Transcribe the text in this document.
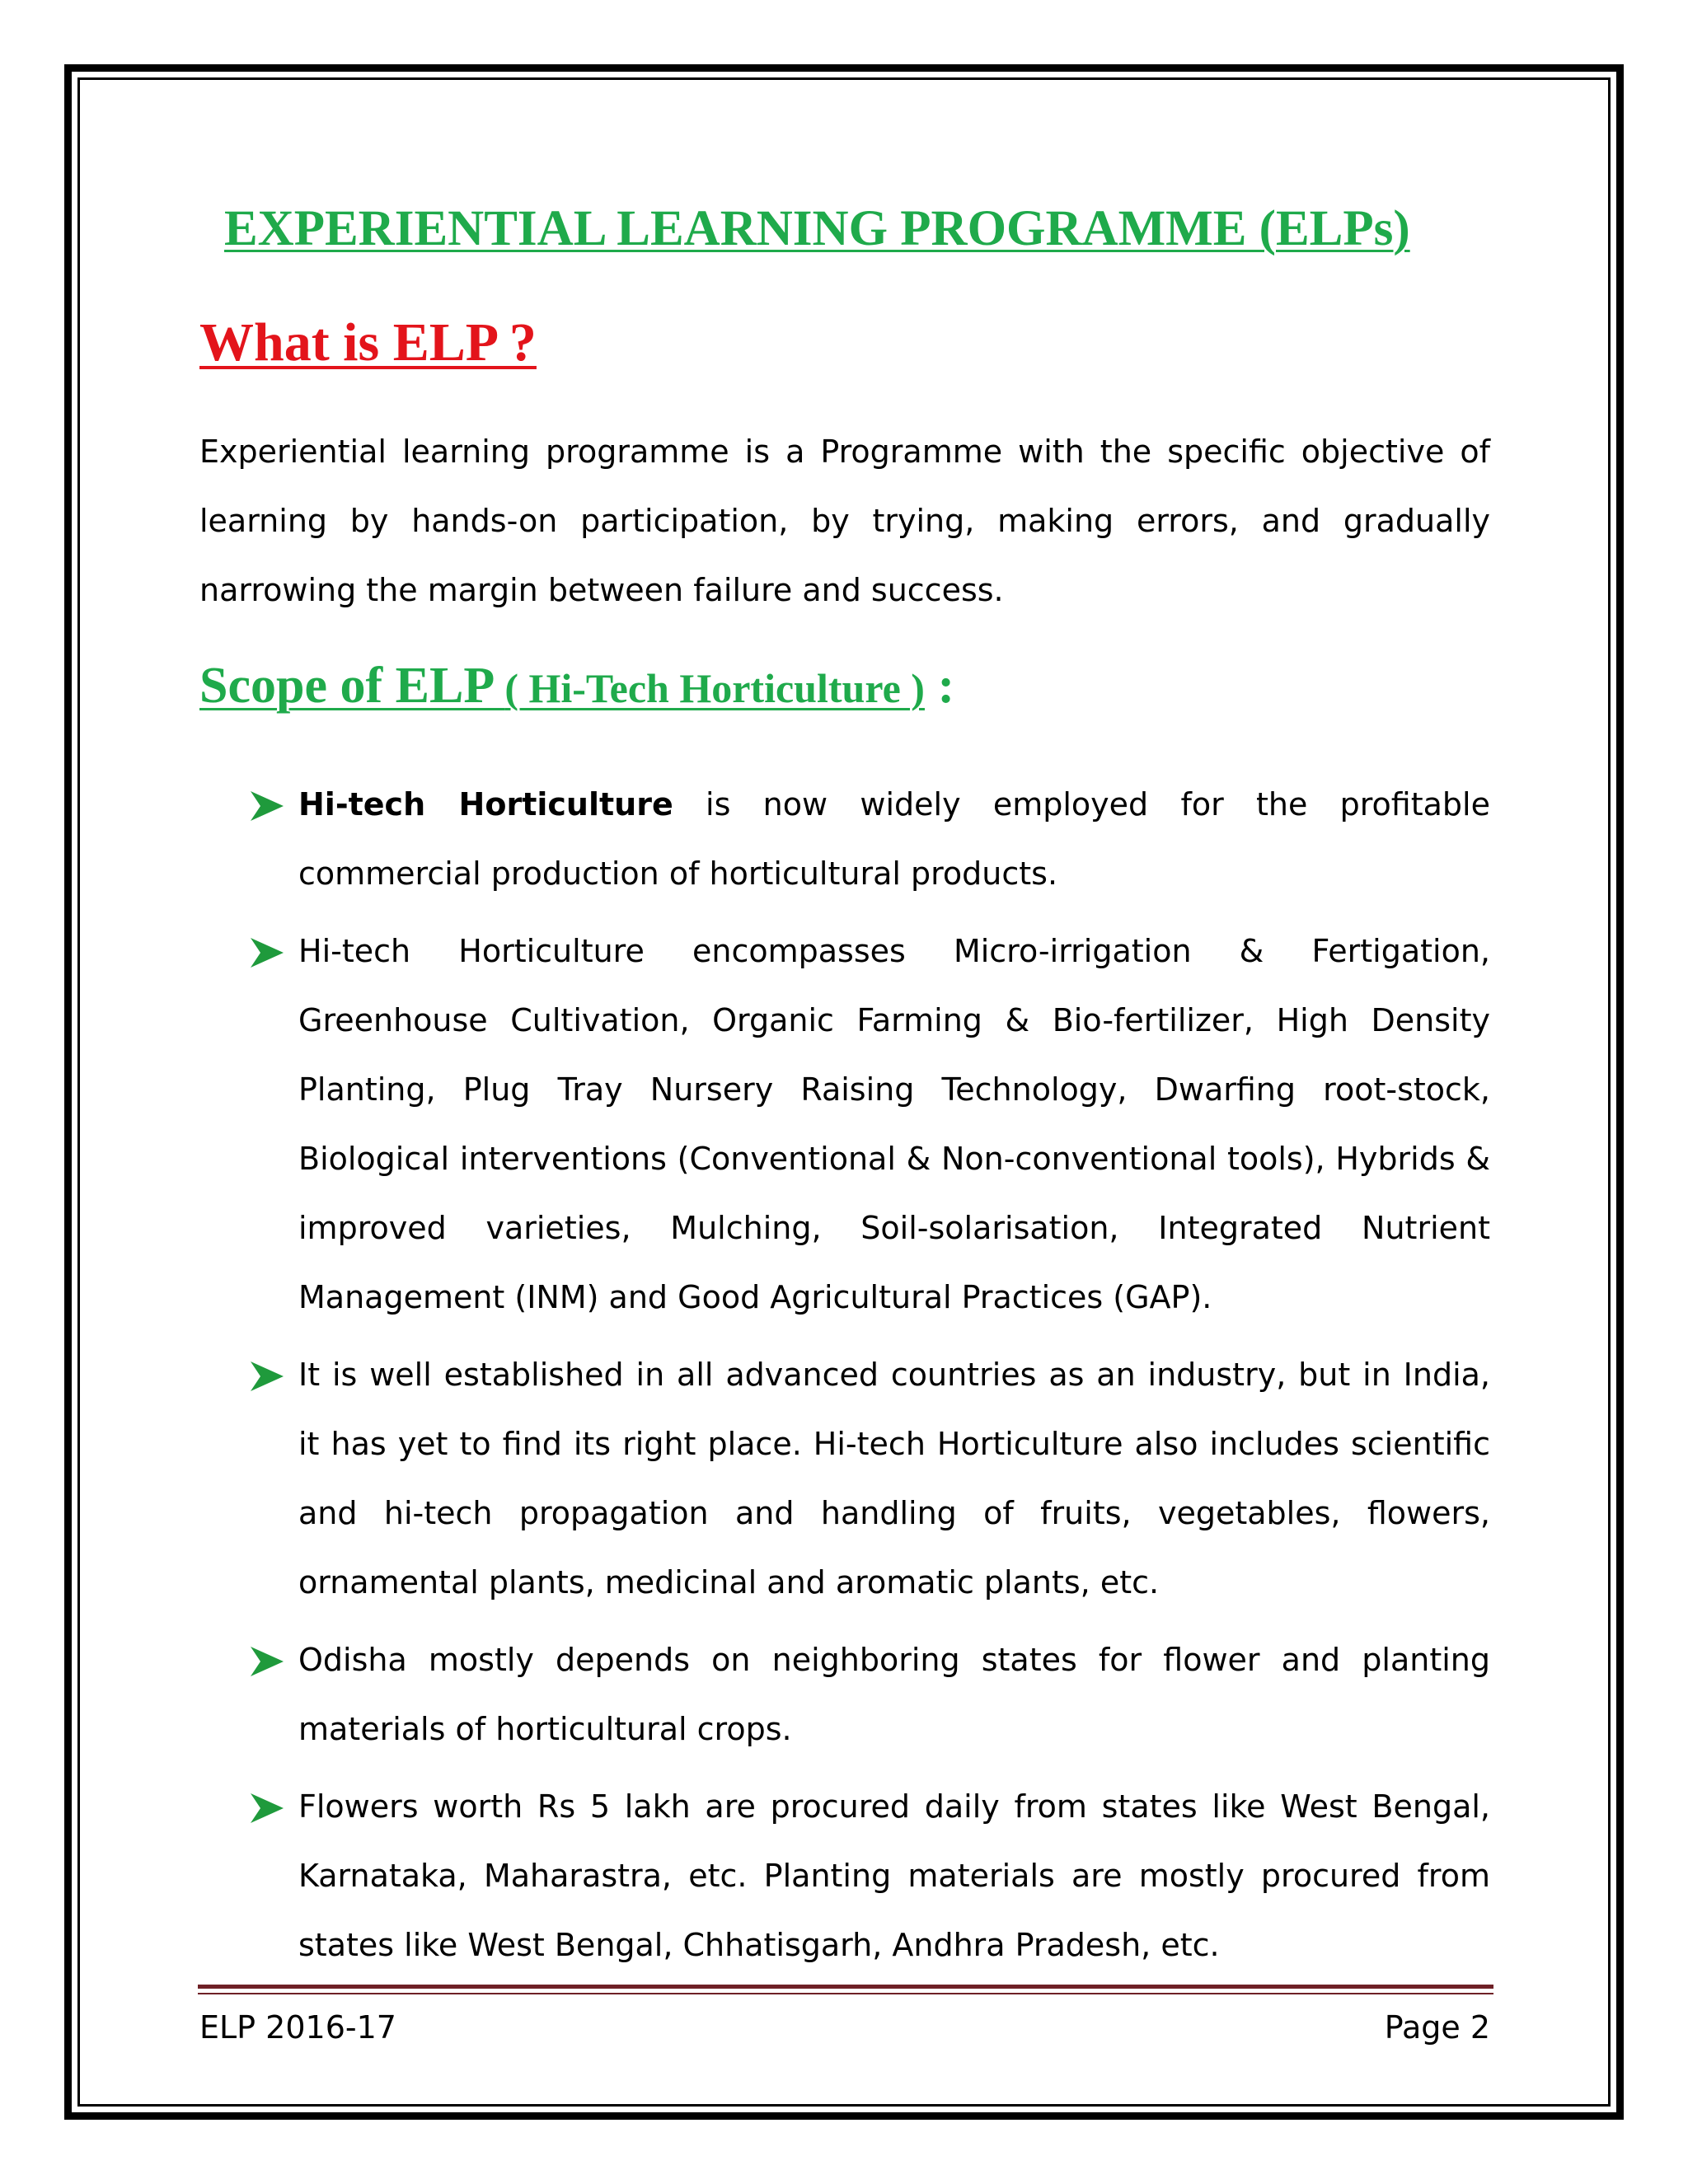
EXPERIENTIAL LEARNING PROGRAMME (ELPs)
What is ELP ?

Experiential learning programme is a Programme with the specific objective of learning by hands-on participation, by trying, making errors, and gradually narrowing the margin between failure and success.

Scope of ELP ( Hi-Tech Horticulture ) :
Hi-tech Horticulture is now widely employed for the profitable commercial production of horticultural products.
Hi-tech Horticulture encompasses Micro-irrigation & Fertigation, Greenhouse Cultivation, Organic Farming & Bio-fertilizer, High Density Planting, Plug Tray Nursery Raising Technology, Dwarfing root-stock, Biological interventions (Conventional & Non-conventional tools), Hybrids & improved varieties, Mulching, Soil-solarisation, Integrated Nutrient Management (INM) and Good Agricultural Practices (GAP).
It is well established in all advanced countries as an industry, but in India, it has yet to find its right place. Hi-tech Horticulture also includes scientific and hi-tech propagation and handling of fruits, vegetables, flowers, ornamental plants, medicinal and aromatic plants, etc.
Odisha mostly depends on neighboring states for flower and planting materials of horticultural crops.
Flowers worth Rs 5 lakh are procured daily from states like West Bengal, Karnataka, Maharastra, etc. Planting materials are mostly procured from states like West Bengal, Chhatisgarh, Andhra Pradesh, etc.
ELP 2016-17	Page 2
